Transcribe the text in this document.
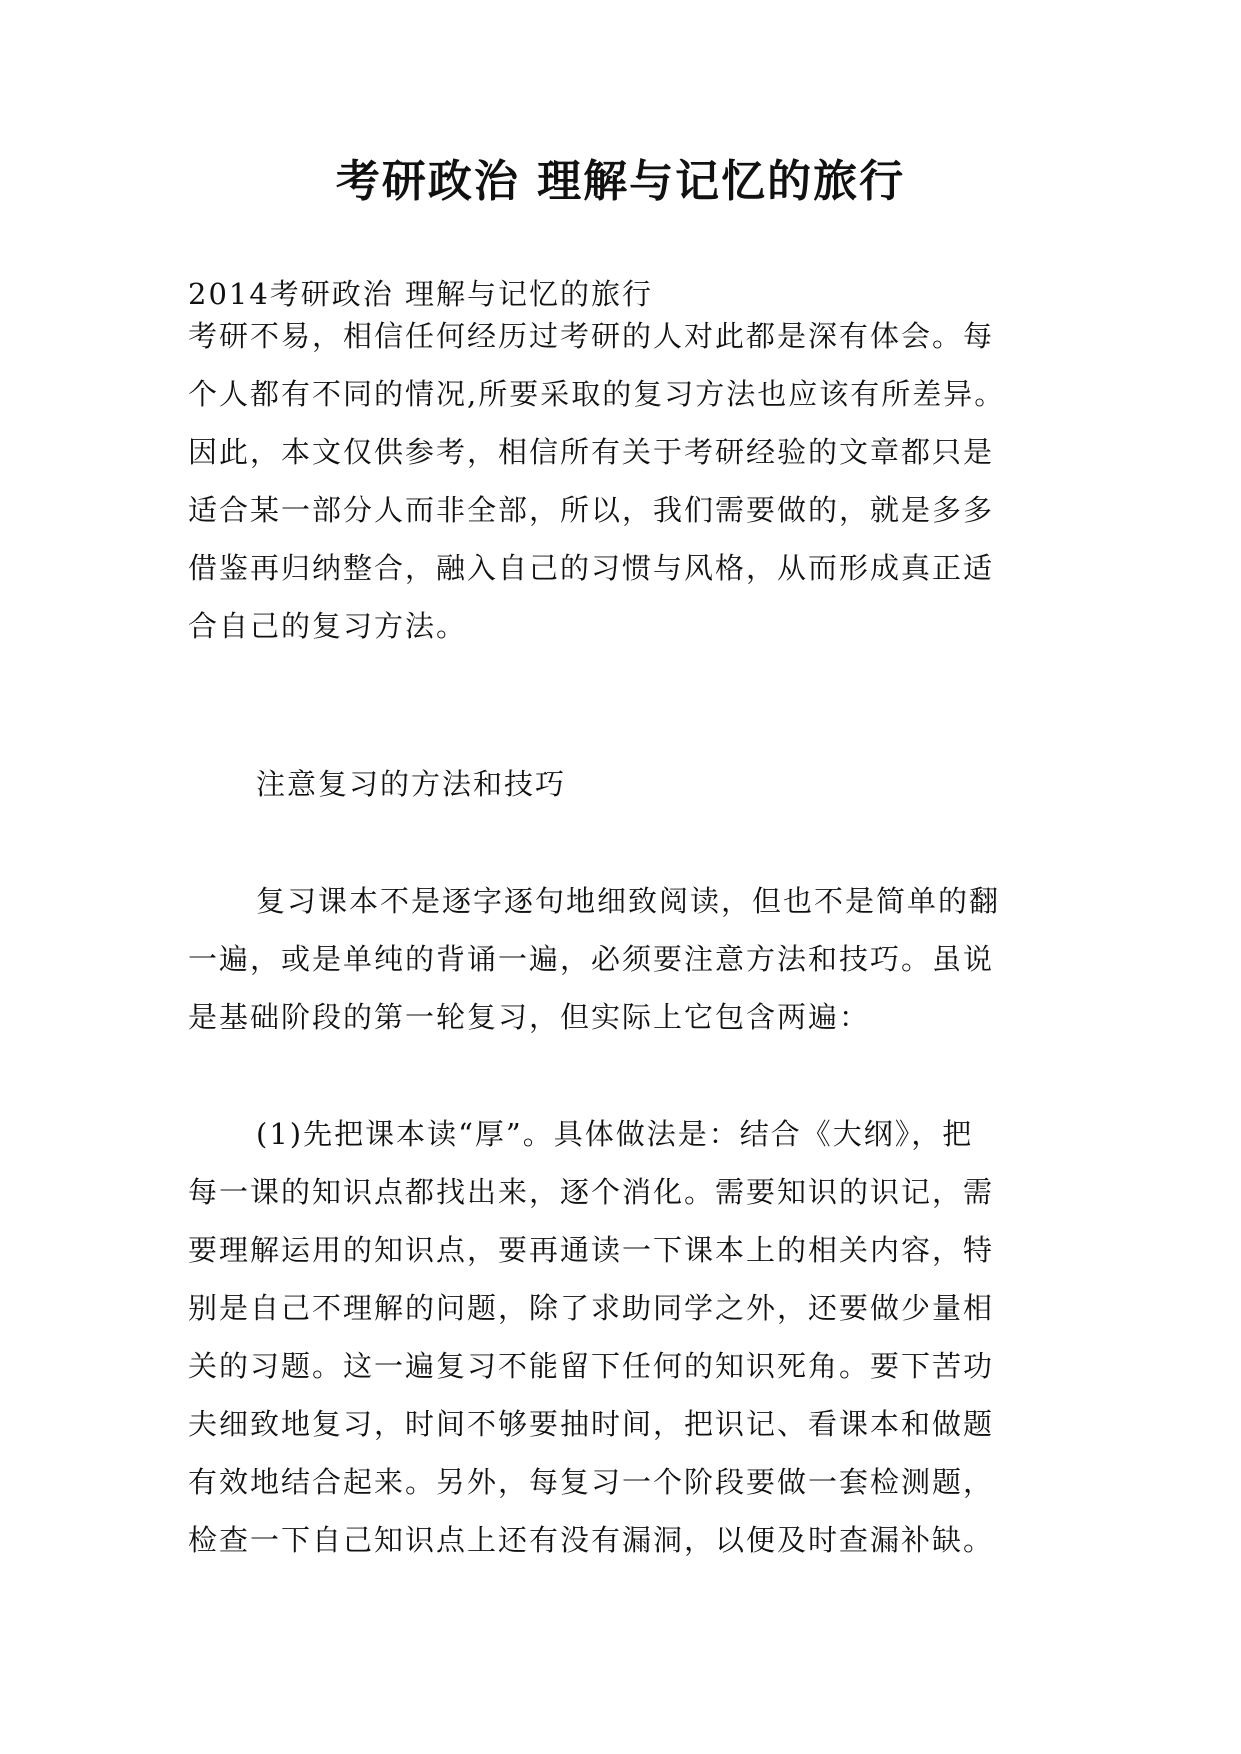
考研政治 理解与记忆的旅行

2014考研政治 理解与记忆的旅行

考研不易，相信任何经历过考研的人对此都是深有体会。每
个人都有不同的情况,所要采取的复习方法也应该有所差异。
因此，本文仅供参考，相信所有关于考研经验的文章都只是
适合某一部分人而非全部，所以，我们需要做的，就是多多
借鉴再归纳整合，融入自己的习惯与风格，从而形成真正适
合自己的复习方法。

注意复习的方法和技巧

复习课本不是逐字逐句地细致阅读，但也不是简单的翻
一遍，或是单纯的背诵一遍，必须要注意方法和技巧。虽说
是基础阶段的第一轮复习，但实际上它包含两遍：

(1)先把课本读“厚”。具体做法是：结合《大纲》，把
每一课的知识点都找出来，逐个消化。需要知识的识记，需
要理解运用的知识点，要再通读一下课本上的相关内容，特
别是自己不理解的问题，除了求助同学之外，还要做少量相
关的习题。这一遍复习不能留下任何的知识死角。要下苦功
夫细致地复习，时间不够要抽时间，把识记、看课本和做题
有效地结合起来。另外，每复习一个阶段要做一套检测题，
检查一下自己知识点上还有没有漏洞，以便及时查漏补缺。
